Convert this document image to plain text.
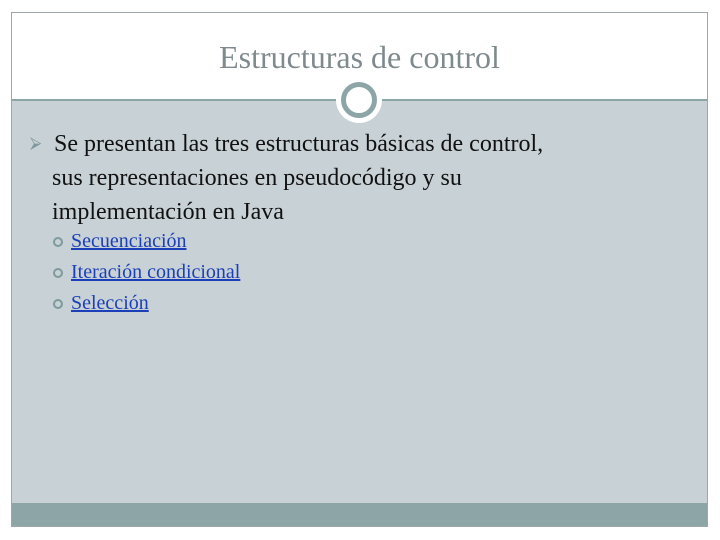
Estructuras de control
⮚ Se presentan las tres estructuras básicas de control,
sus representaciones en pseudocódigo y su
implementación en Java
Secuenciación
Iteración condicional
Selección
